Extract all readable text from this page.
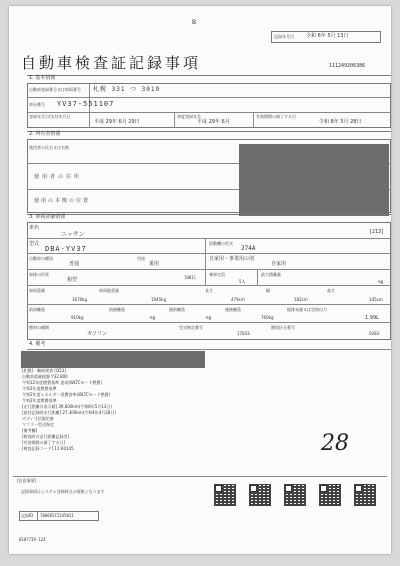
B
記録年月日 令和 6年 5月 13日
自動車検査証記録事項	111249206386
1. 基本情報
自動車登録番号又は車両番号 札幌 331 つ 3019
車台番号 YV37-551107
登録年月日/交付年月日
平成 29年 6月 29日
初度登録年月
平成 29年 6月
有効期間の満了する日
令和 8年 5月 28日
2. 所有者情報
使用者の氏名又は名称
使用者の住所
使用の本拠の位置
3. 車両詳細情報
車名
ニッサン	[213]
型式
DBA-YV37
原動機の型式
274A
自動車の種別
普通
用途
乗用
自家用・事業用の別
自家用
車体の形状
箱型	[001]
乗車定員
5人
最大積載量
-kg
車両重量
1670kg
車両総重量
1945kg
長さ
479cm
幅
182cm
高さ
145cm
前前軸重
910kg
前後軸重
-kg
後前軸重
-kg
後後軸重
760kg
総排気量又は定格出力
1.99L
燃料の種類
ガソリン
型式指定番号
17833
類別区分番号
0283
4. 備考
[札幌]・継続検査 [O53]
自動車重量税額 Y32,800
令和12年度燃費基準 達成(WLTCモード燃費)
令和2年度燃費基準
令和2年度エネルギー消費効率(WLTCモード燃費)
令和2年度燃費基準
[走行距離計表示値] 39,600km(令和6年5月13日)
[前回記録時走行距離] 27,300km(令和4年4月28日)
ボディ寸法測定値
マフラー型式指定
[備考欄]
[検査時の走行距離記録者]
[有効期間の満了する日]
[検査記録コード] 11-00145	28
[注意事項]
記録事項はシステム登録時点の情報となります
記録ID 786665F2245811
0107739-124
